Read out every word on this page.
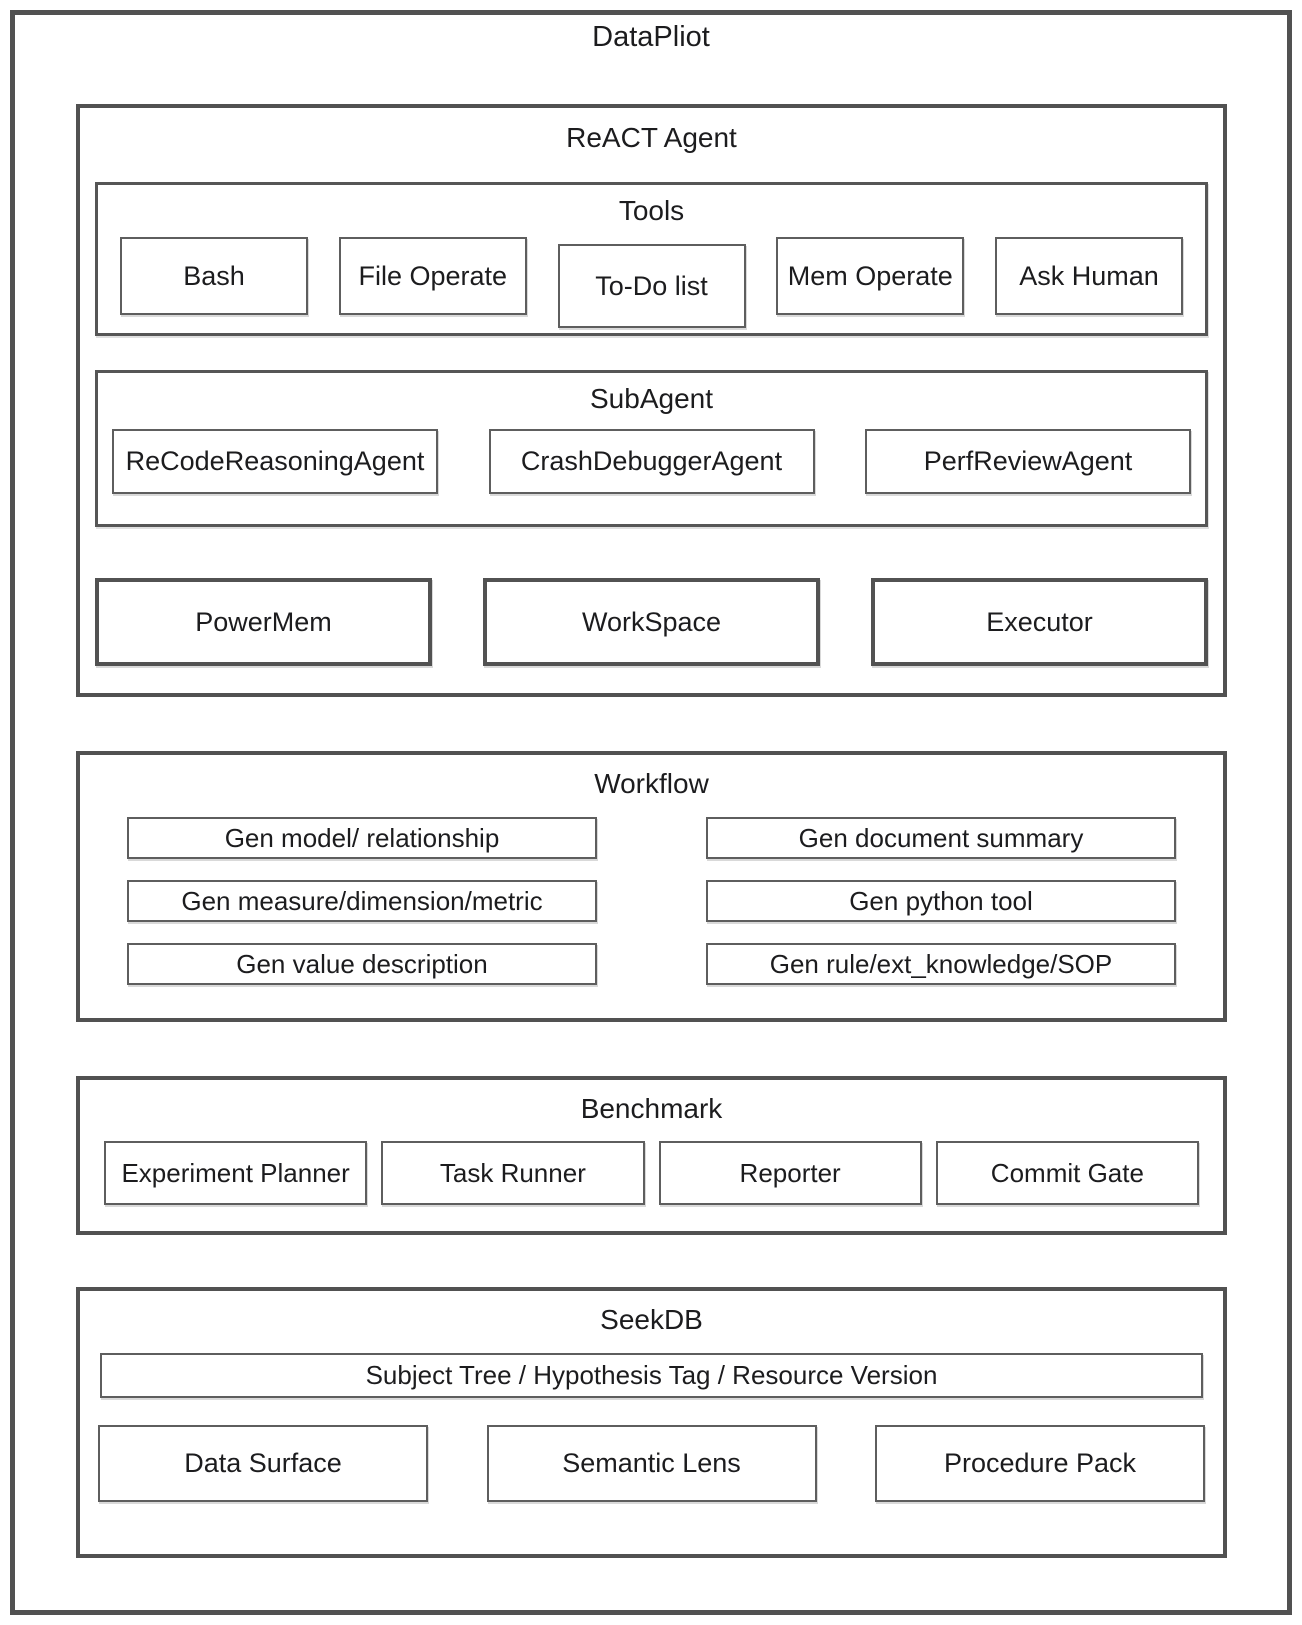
DataPliot
ReACT Agent
Tools
Bash	File Operate	To-Do list	Mem Operate	Ask Human
SubAgent
ReCodeReasoningAgent	CrashDebuggerAgent	PerfReviewAgent
PowerMem	WorkSpace	Executor
Workflow
Gen model/ relationship	Gen document summary
Gen measure/dimension/metric	Gen python tool
Gen value description	Gen rule/ext_knowledge/SOP
Benchmark
Experiment Planner	Task Runner	Reporter	Commit Gate
SeekDB
Subject Tree / Hypothesis Tag / Resource Version
Data Surface	Semantic Lens	Procedure Pack
